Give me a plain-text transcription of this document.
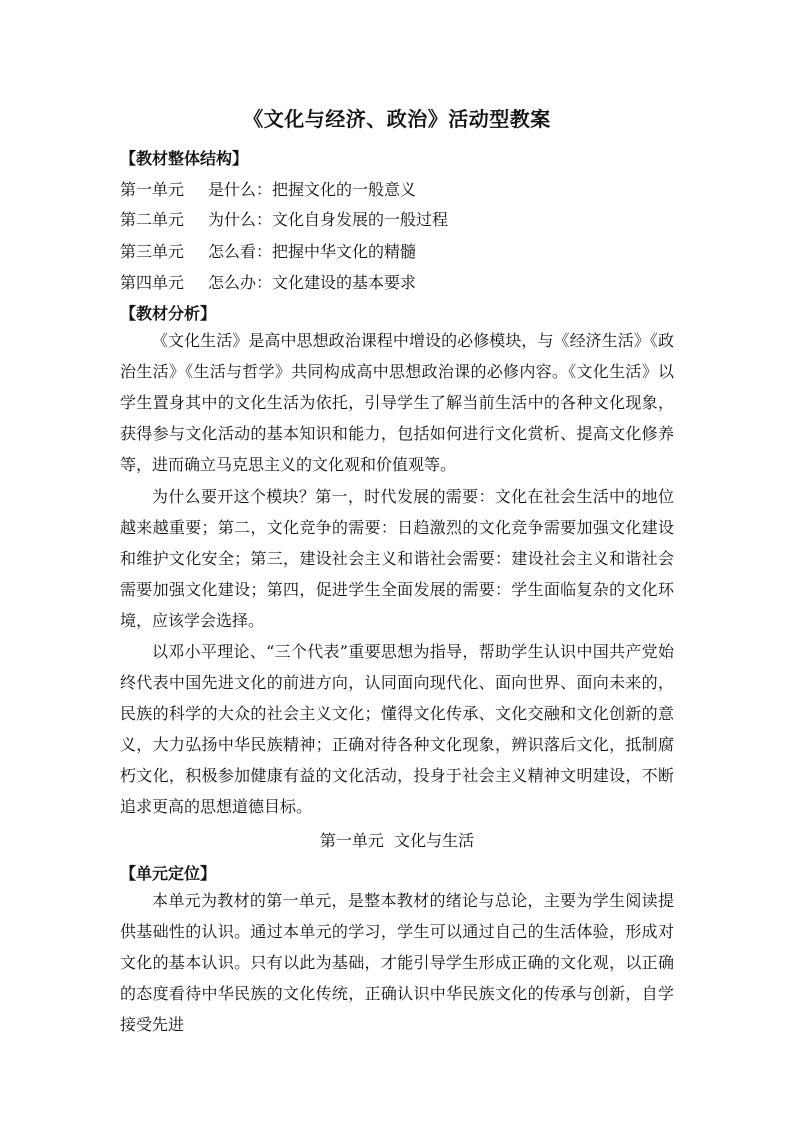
《文化与经济、政治》活动型教案
【教材整体结构】
第一单元 是什么：把握文化的一般意义
第二单元 为什么：文化自身发展的一般过程
第三单元 怎么看：把握中华文化的精髓
第四单元 怎么办：文化建设的基本要求
【教材分析】

《文化生活》是高中思想政治课程中增设的必修模块，与《经济生活》《政治生活》《生活与哲学》共同构成高中思想政治课的必修内容。《文化生活》以学生置身其中的文化生活为依托，引导学生了解当前生活中的各种文化现象，获得参与文化活动的基本知识和能力，包括如何进行文化赏析、提高文化修养等，进而确立马克思主义的文化观和价值观等。

为什么要开这个模块？第一，时代发展的需要：文化在社会生活中的地位越来越重要；第二，文化竞争的需要：日趋激烈的文化竞争需要加强文化建设和维护文化安全；第三，建设社会主义和谐社会需要：建设社会主义和谐社会需要加强文化建设；第四，促进学生全面发展的需要：学生面临复杂的文化环境，应该学会选择。

以邓小平理论、“三个代表”重要思想为指导，帮助学生认识中国共产党始终代表中国先进文化的前进方向，认同面向现代化、面向世界、面向未来的，民族的科学的大众的社会主义文化；懂得文化传承、文化交融和文化创新的意义，大力弘扬中华民族精神；正确对待各种文化现象，辨识落后文化，抵制腐朽文化，积极参加健康有益的文化活动，投身于社会主义精神文明建设，不断追求更高的思想道德目标。

第一单元  文化与生活
【单元定位】

本单元为教材的第一单元，是整本教材的绪论与总论，主要为学生阅读提供基础性的认识。通过本单元的学习，学生可以通过自己的生活体验，形成对文化的基本认识。只有以此为基础，才能引导学生形成正确的文化观，以正确的态度看待中华民族的文化传统，正确认识中华民族文化的传承与创新，自学接受先进
